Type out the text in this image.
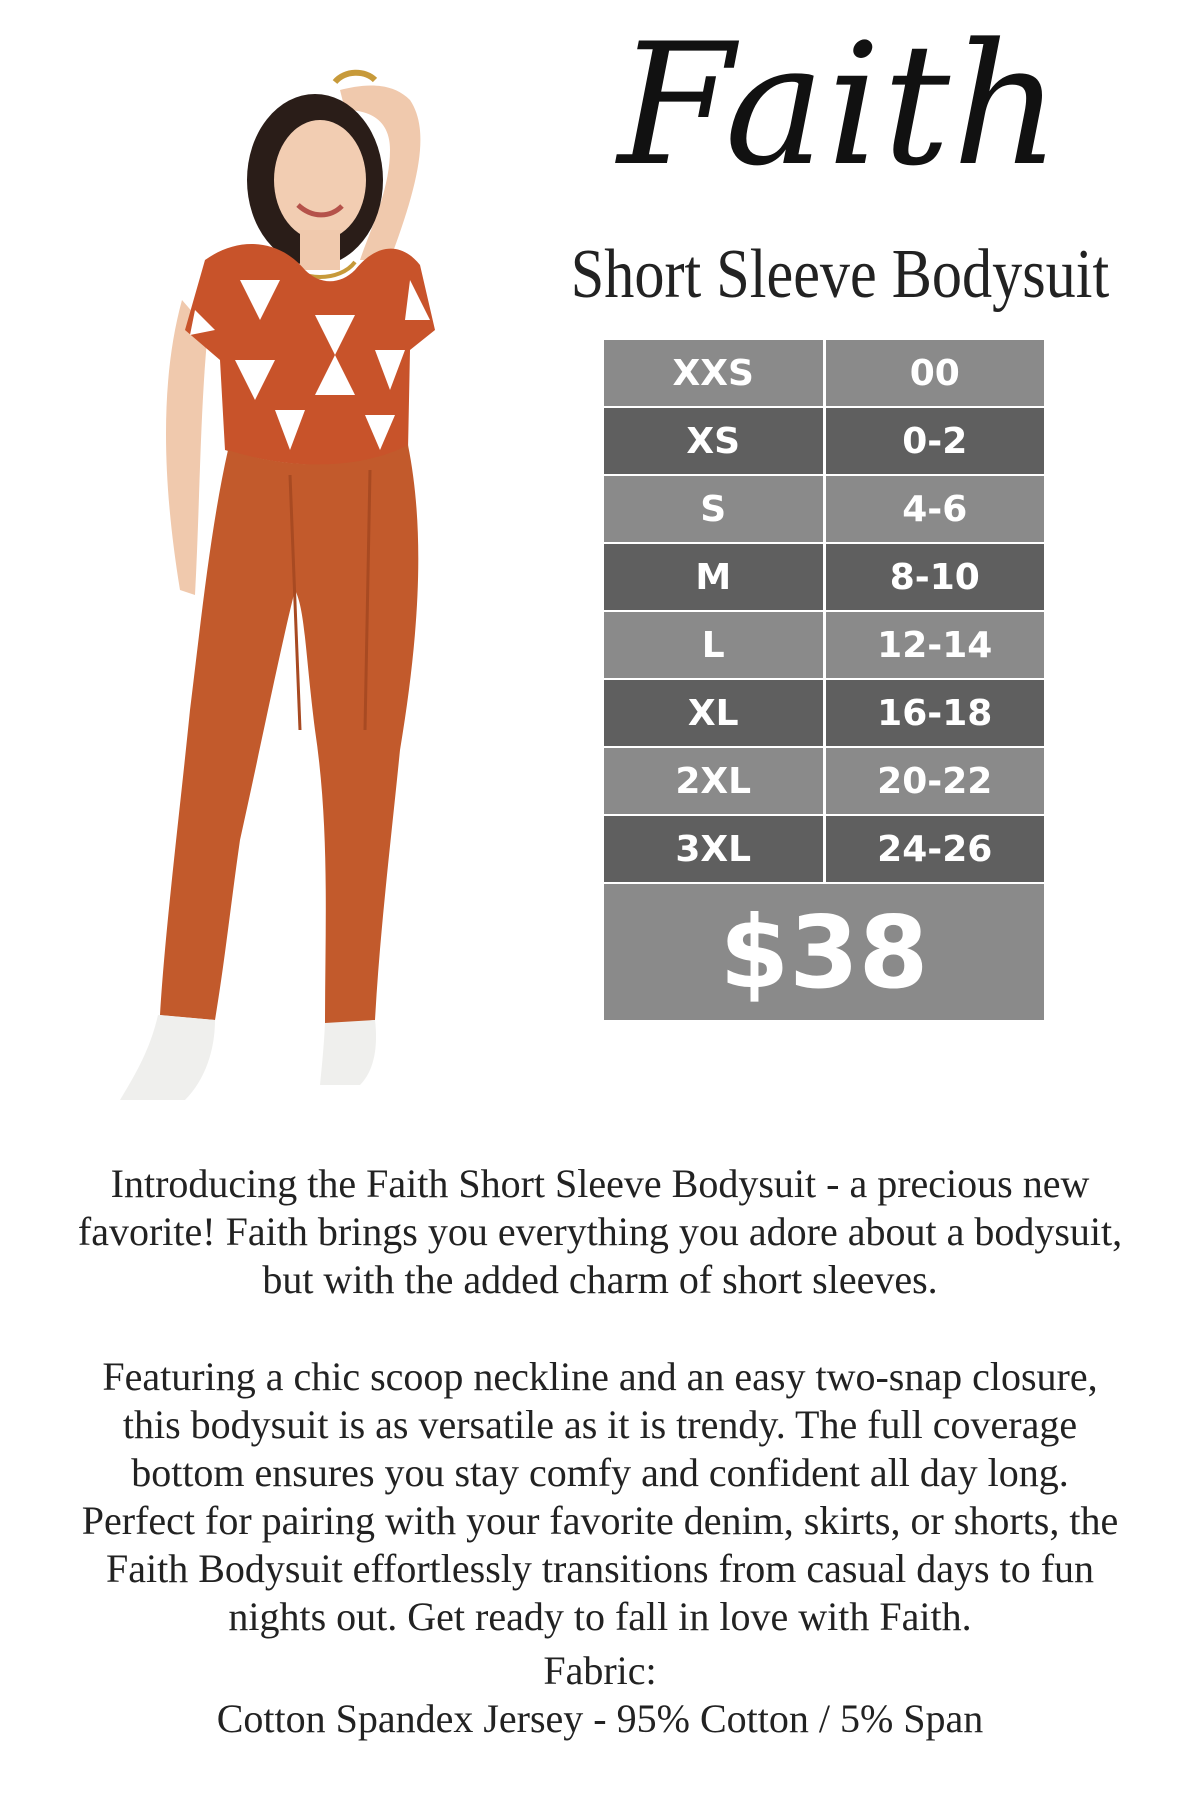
Faith
Short Sleeve Bodysuit
XXS	00
XS	0-2
S	4-6
M	8-10
L	12-14
XL	16-18
2XL	20-22
3XL	24-26
$38

Introducing the Faith Short Sleeve Bodysuit - a precious new favorite! Faith brings you everything you adore about a bodysuit, but with the added charm of short sleeves.

Featuring a chic scoop neckline and an easy two-snap closure, this bodysuit is as versatile as it is trendy. The full coverage bottom ensures you stay comfy and confident all day long. Perfect for pairing with your favorite denim, skirts, or shorts, the Faith Bodysuit effortlessly transitions from casual days to fun nights out. Get ready to fall in love with Faith.

Fabric:

Cotton Spandex Jersey - 95% Cotton / 5% Span
